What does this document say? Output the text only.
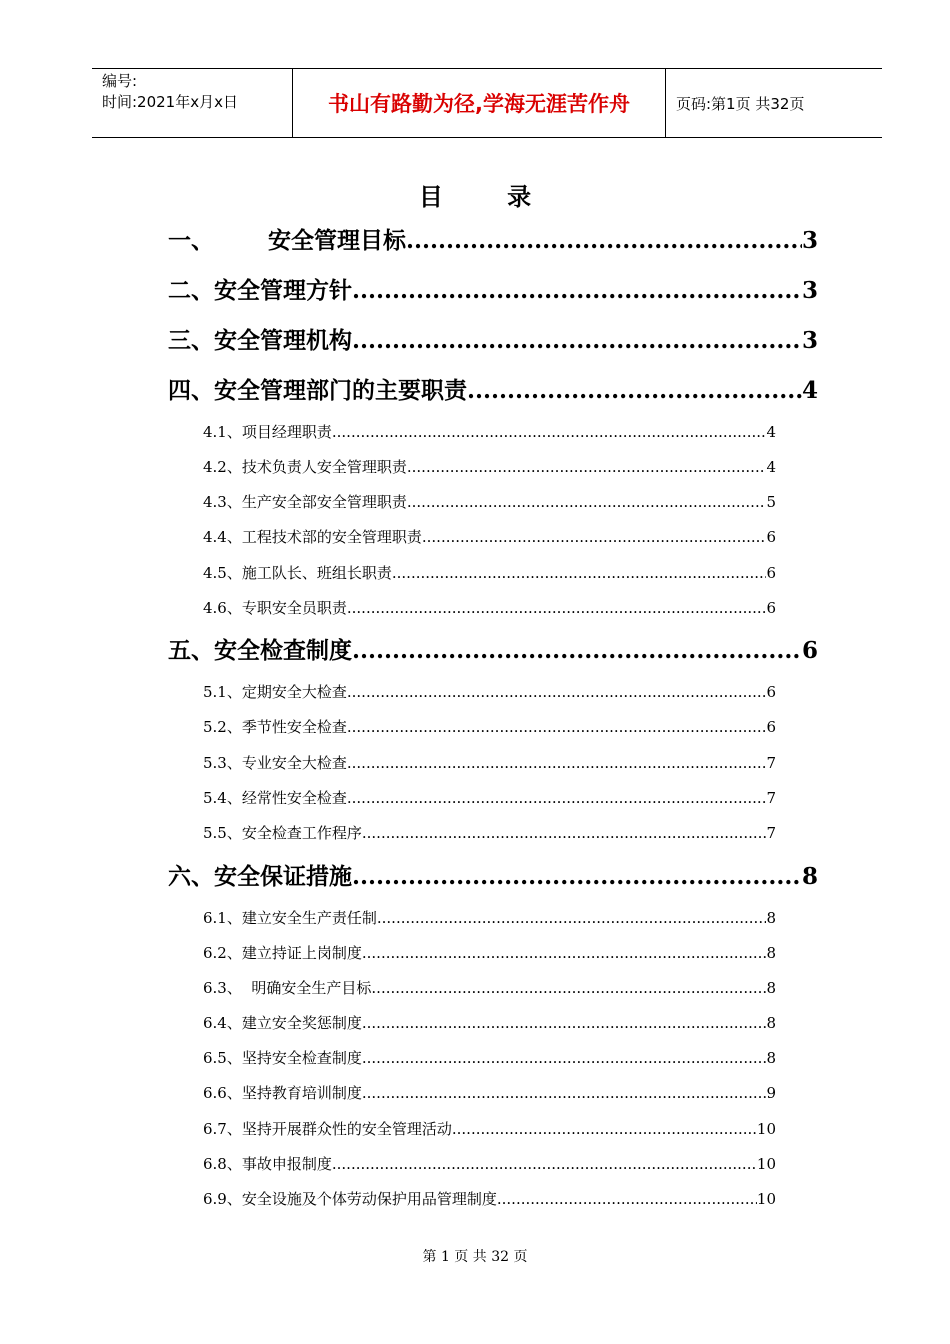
编号:
时间:2021年x月x日	书山有路勤为径,学海无涯苦作舟	页码:第1页 共32页
目 录
一、 安全管理目标 .....	3
二、 安全管理方针 .....	3
三、 安全管理机构 .....	3
四、 安全管理部门的主要职责 .....	4
4.1、 项目经理职责 .....	4
4.2、 技术负责人安全管理职责 .....	4
4.3、 生产安全部安全管理职责 .....	5
4.4、 工程技术部的安全管理职责 .....	6
4.5、 施工队长、班组长职责 .....	6
4.6、 专职安全员职责 .....	6
五、 安全检查制度 .....	6
5.1、 定期安全大检查 .....	6
5.2、 季节性安全检查 .....	6
5.3、 专业安全大检查 .....	7
5.4、 经常性安全检查 .....	7
5.5、 安全检查工作程序 .....	7
六、 安全保证措施 .....	8
6.1、 建立安全生产责任制 .....	8
6.2、 建立持证上岗制度 .....	8
6.3、 明确安全生产目标 .....	8
6.4、 建立安全奖惩制度 .....	8
6.5、 坚持安全检查制度 .....	8
6.6、 坚持教育培训制度 .....	9
6.7、 坚持开展群众性的安全管理活动 .....	10
6.8、 事故申报制度 .....	10
6.9、 安全设施及个体劳动保护用品管理制度 .....	10
第 1 页 共 32 页
